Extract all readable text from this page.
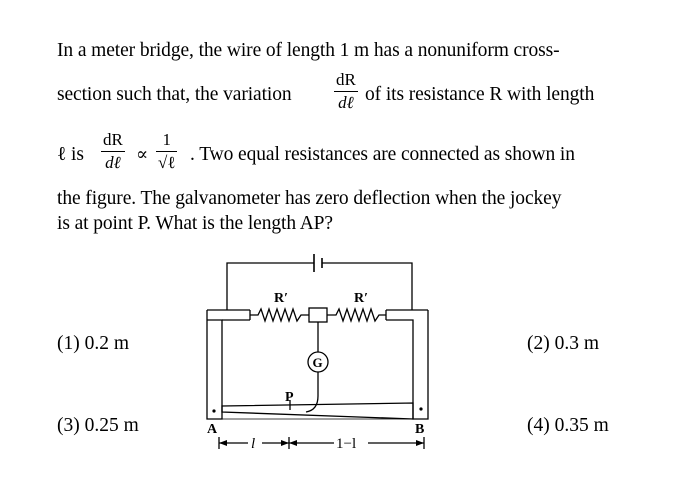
In a meter bridge, the wire of length 1 m has a nonuniform cross-
section such that, the variation
dR
dℓ of its resistance R with length
ℓ is
dR
dℓ ∝
1
√ℓ . Two equal resistances are connected as shown in
the figure. The galvanometer has zero deflection when the jockey
is at point P. What is the length AP?
(1) 0.2 m	(2) 0.3 m
(3) 0.25 m	(4) 0.35 m
R′	R′
G
P
A	B
l	1−l
